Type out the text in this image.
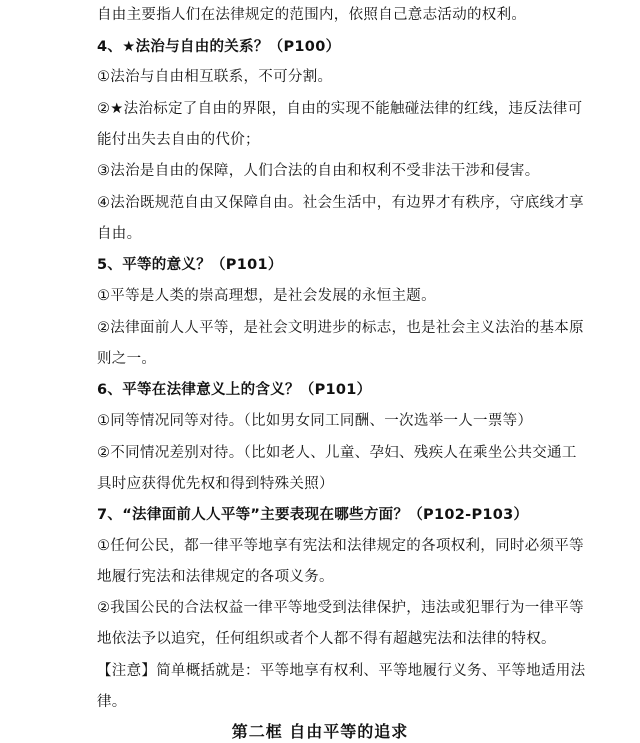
自由主要指人们在法律规定的范围内，依照自己意志活动的权利。
4、★法治与自由的关系？（P100）
①法治与自由相互联系，不可分割。
②★法治标定了自由的界限，自由的实现不能触碰法律的红线，违反法律可
能付出失去自由的代价；
③法治是自由的保障，人们合法的自由和权利不受非法干涉和侵害。
④法治既规范自由又保障自由。社会生活中，有边界才有秩序，守底线才享
自由。
5、平等的意义？（P101）
①平等是人类的崇高理想，是社会发展的永恒主题。
②法律面前人人平等，是社会文明进步的标志，也是社会主义法治的基本原
则之一。
6、平等在法律意义上的含义？（P101）
①同等情况同等对待。（比如男女同工同酬、一次选举一人一票等）
②不同情况差别对待。（比如老人、儿童、孕妇、残疾人在乘坐公共交通工
具时应获得优先权和得到特殊关照）
7、“法律面前人人平等”主要表现在哪些方面？（P102-P103）
①任何公民，都一律平等地享有宪法和法律规定的各项权利，同时必须平等
地履行宪法和法律规定的各项义务。
②我国公民的合法权益一律平等地受到法律保护，违法或犯罪行为一律平等
地依法予以追究，任何组织或者个人都不得有超越宪法和法律的特权。
【注意】简单概括就是：平等地享有权利、平等地履行义务、平等地适用法
律。
第二框 自由平等的追求
